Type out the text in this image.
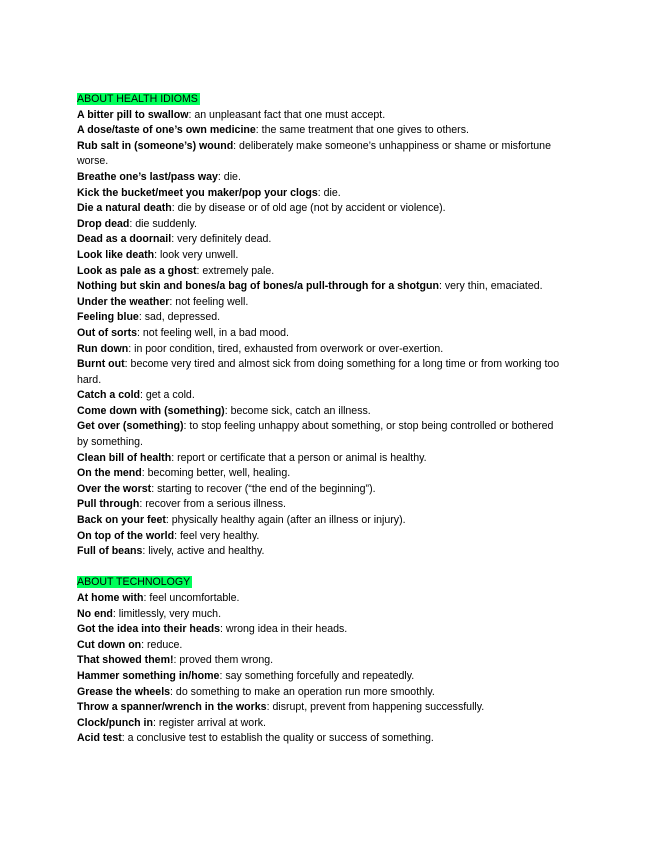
ABOUT HEALTH IDIOMS
A bitter pill to swallow: an unpleasant fact that one must accept.
A dose/taste of one’s own medicine: the same treatment that one gives to others.
Rub salt in (someone’s) wound: deliberately make someone’s unhappiness or shame or misfortune worse.
Breathe one’s last/pass way: die.
Kick the bucket/meet you maker/pop your clogs: die.
Die a natural death: die by disease or of old age (not by accident or violence).
Drop dead: die suddenly.
Dead as a doornail: very definitely dead.
Look like death: look very unwell.
Look as pale as a ghost: extremely pale.
Nothing but skin and bones/a bag of bones/a pull-through for a shotgun: very thin, emaciated.
Under the weather: not feeling well.
Feeling blue: sad, depressed.
Out of sorts: not feeling well, in a bad mood.
Run down: in poor condition, tired, exhausted from overwork or over-exertion.
Burnt out: become very tired and almost sick from doing something for a long time or from working too hard.
Catch a cold: get a cold.
Come down with (something): become sick, catch an illness.
Get over (something): to stop feeling unhappy about something, or stop being controlled or bothered by something.
Clean bill of health: report or certificate that a person or animal is healthy.
On the mend: becoming better, well, healing.
Over the worst: starting to recover (“the end of the beginning”).
Pull through: recover from a serious illness.
Back on your feet: physically healthy again (after an illness or injury).
On top of the world: feel very healthy.
Full of beans: lively, active and healthy.
ABOUT TECHNOLOGY
At home with: feel uncomfortable.
No end: limitlessly, very much.
Got the idea into their heads: wrong idea in their heads.
Cut down on: reduce.
That showed them!: proved them wrong.
Hammer something in/home: say something forcefully and repeatedly.
Grease the wheels: do something to make an operation run more smoothly.
Throw a spanner/wrench in the works: disrupt, prevent from happening successfully.
Clock/punch in: register arrival at work.
Acid test: a conclusive test to establish the quality or success of something.
